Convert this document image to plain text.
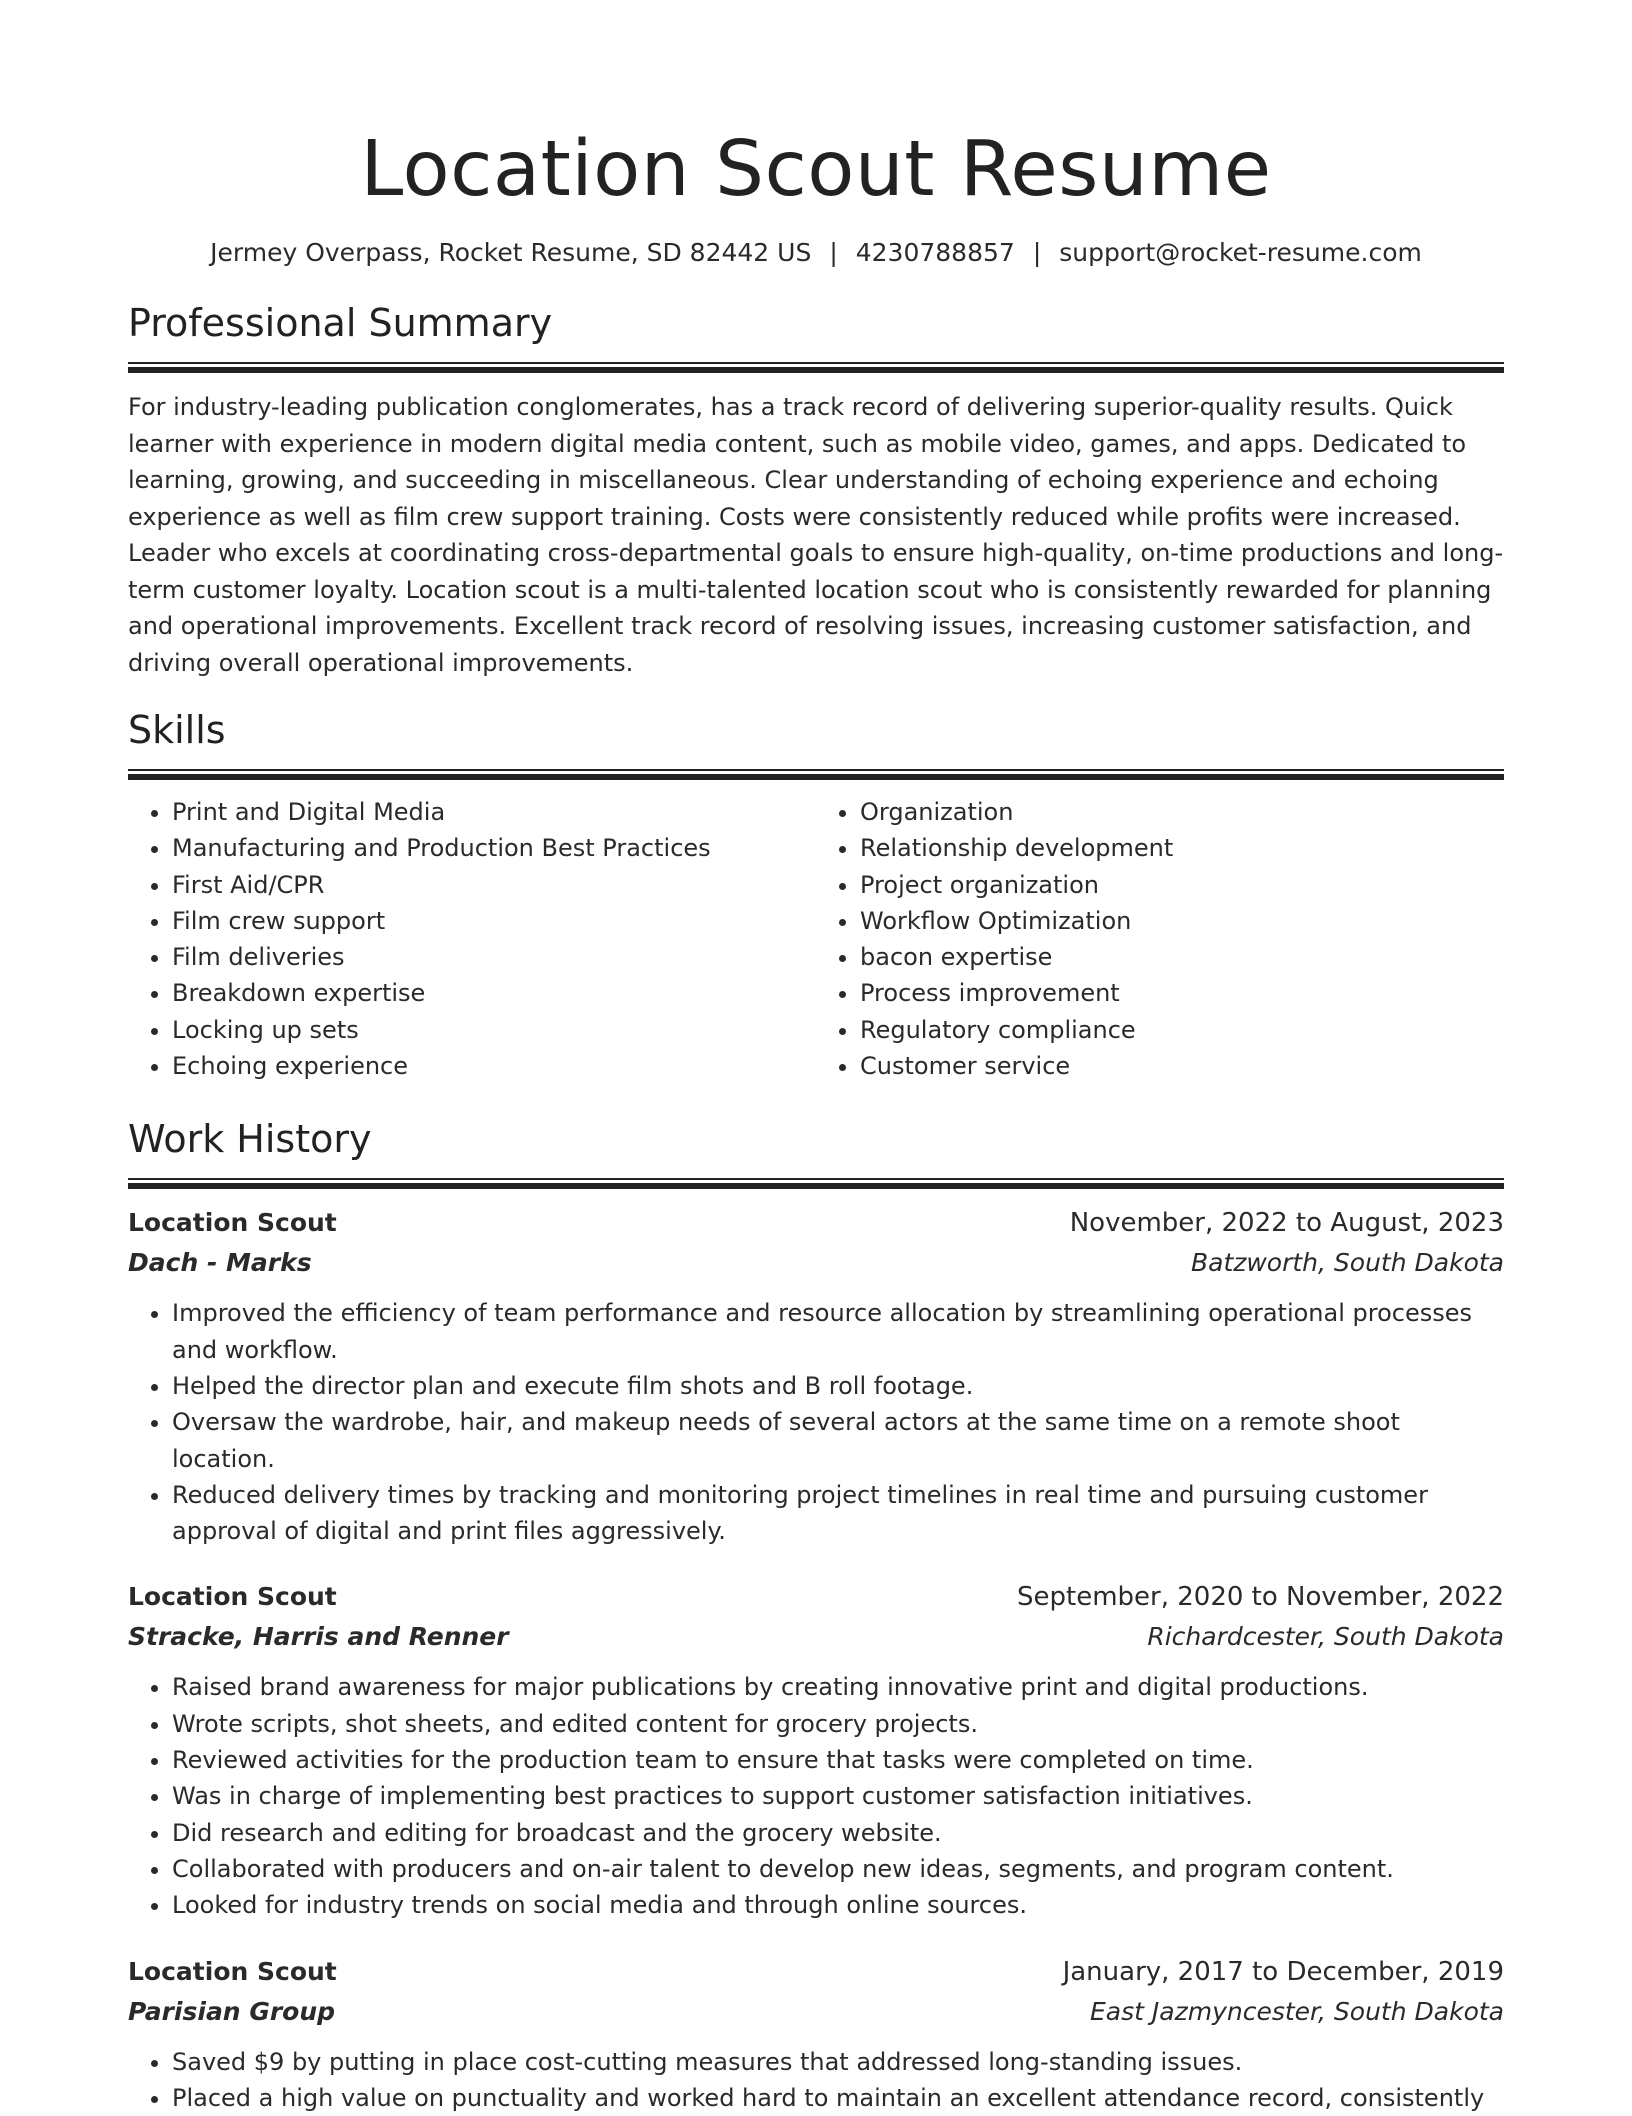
Location Scout Resume
Jermey Overpass, Rocket Resume, SD 82442 US | 4230788857 | support@rocket-resume.com
Professional Summary
For industry-leading publication conglomerates, has a track record of delivering superior-quality results. Quick learner with experience in modern digital media content, such as mobile video, games, and apps. Dedicated to learning, growing, and succeeding in miscellaneous. Clear understanding of echoing experience and echoing experience as well as film crew support training. Costs were consistently reduced while profits were increased. Leader who excels at coordinating cross-departmental goals to ensure high-quality, on-time productions and long-term customer loyalty. Location scout is a multi-talented location scout who is consistently rewarded for planning and operational improvements. Excellent track record of resolving issues, increasing customer satisfaction, and driving overall operational improvements.
Skills
• Print and Digital Media
• Manufacturing and Production Best Practices
• First Aid/CPR
• Film crew support
• Film deliveries
• Breakdown expertise
• Locking up sets
• Echoing experience
• Organization
• Relationship development
• Project organization
• Workflow Optimization
• bacon expertise
• Process improvement
• Regulatory compliance
• Customer service
Work History
Location Scout	November, 2022 to August, 2023
Dach - Marks	Batzworth, South Dakota
• Improved the efficiency of team performance and resource allocation by streamlining operational processes and workflow.
• Helped the director plan and execute film shots and B roll footage.
• Oversaw the wardrobe, hair, and makeup needs of several actors at the same time on a remote shoot location.
• Reduced delivery times by tracking and monitoring project timelines in real time and pursuing customer approval of digital and print files aggressively.
Location Scout	September, 2020 to November, 2022
Stracke, Harris and Renner	Richardcester, South Dakota
• Raised brand awareness for major publications by creating innovative print and digital productions.
• Wrote scripts, shot sheets, and edited content for grocery projects.
• Reviewed activities for the production team to ensure that tasks were completed on time.
• Was in charge of implementing best practices to support customer satisfaction initiatives.
• Did research and editing for broadcast and the grocery website.
• Collaborated with producers and on-air talent to develop new ideas, segments, and program content.
• Looked for industry trends on social media and through online sources.
Location Scout	January, 2017 to December, 2019
Parisian Group	East Jazmyncester, South Dakota
• Saved $9 by putting in place cost-cutting measures that addressed long-standing issues.
• Placed a high value on punctuality and worked hard to maintain an excellent attendance record, consistently
